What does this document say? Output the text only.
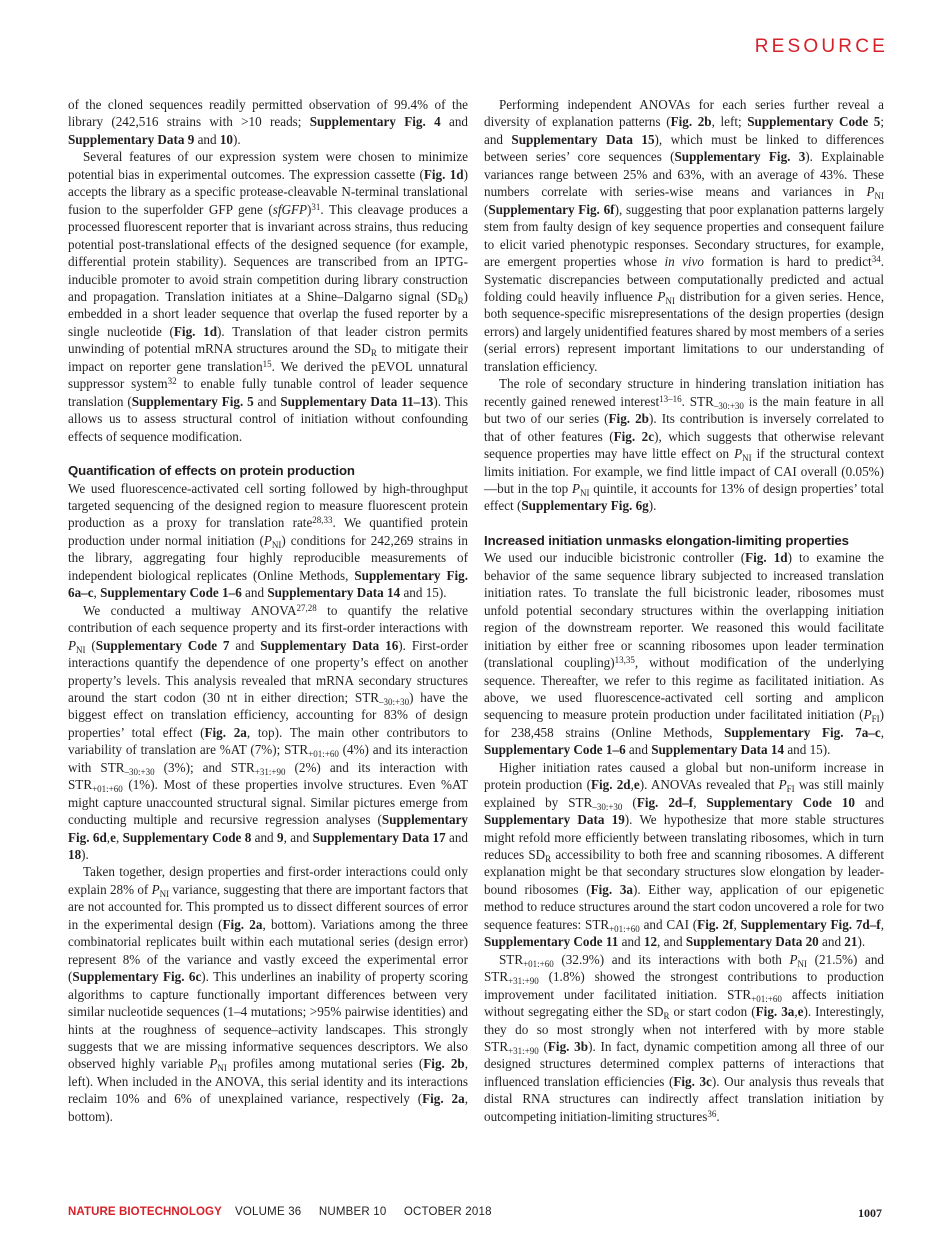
RESOURCE

of the cloned sequences readily permitted observation of 99.4% of the library (242,516 strains with >10 reads; Supplementary Fig. 4 and Supplementary Data 9 and 10).

Several features of our expression system were chosen to minimize potential bias in experimental outcomes. The expression cassette (Fig. 1d) accepts the library as a specific protease-cleavable N-terminal translational fusion to the superfolder GFP gene (sfGFP)$^{31}$. This cleavage produces a processed fluorescent reporter that is invariant across strains, thus reducing potential post-translational effects of the designed sequence (for example, differential protein stability). Sequences are transcribed from an IPTG-inducible promoter to avoid strain competition during library construction and propagation. Translation initiates at a Shine–Dalgarno signal $(SD_R)$ embedded in a short leader sequence that overlap the fused reporter by a single nucleotide (Fig. 1d). Translation of that leader cistron permits unwinding of potential mRNA structures around the $SD_R$ to mitigate their impact on reporter gene translation$^{15}$. We derived the pEVOL unnatural suppressor system$^{32}$ to enable fully tunable control of leader sequence translation (Supplementary Fig. 5 and Supplementary Data 11–13). This allows us to assess structural control of initiation without confounding effects of sequence modification.

Quantification of effects on protein production

We used fluorescence-activated cell sorting followed by high-throughput targeted sequencing of the designed region to measure fluorescent protein production as a proxy for translation rate$^{28,33}$. We quantified protein production under normal initiation $(P_{NI})$ conditions for 242,269 strains in the library, aggregating four highly reproducible measurements of independent biological replicates (Online Methods, Supplementary Fig. 6a–c, Supplementary Code 1–6 and Supplementary Data 14 and 15).

We conducted a multiway ANOVA$^{27,28}$ to quantify the relative contribution of each sequence property and its first-order interactions with $P_{NI}$ (Supplementary Code 7 and Supplementary Data 16). First-order interactions quantify the dependence of one property’s effect on another property’s levels. This analysis revealed that mRNA secondary structures around the start codon (30 nt in either direction; $STR_{-30:+30}$) have the biggest effect on translation efficiency, accounting for 83% of design properties’ total effect (Fig. 2a, top). The main other contributors to variability of translation are %AT (7%); $STR_{+01:+60}$ (4%) and its interaction with $STR_{-30:+30}$ (3%); and $STR_{+31:+90}$ (2%) and its interaction with $STR_{+01:+60}$ (1%). Most of these properties involve structures. Even %AT might capture unaccounted structural signal. Similar pictures emerge from conducting multiple and recursive regression analyses (Supplementary Fig. 6d,e, Supplementary Code 8 and 9, and Supplementary Data 17 and 18).

Taken together, design properties and first-order interactions could only explain 28% of $P_{NI}$ variance, suggesting that there are important factors that are not accounted for. This prompted us to dissect different sources of error in the experimental design (Fig. 2a, bottom). Variations among the three combinatorial replicates built within each mutational series (design error) represent 8% of the variance and vastly exceed the experimental error (Supplementary Fig. 6c). This underlines an inability of property scoring algorithms to capture functionally important differences between very similar nucleotide sequences (1–4 mutations; >95% pairwise identities) and hints at the roughness of sequence–activity landscapes. This strongly suggests that we are missing informative sequences descriptors. We also observed highly variable $P_{NI}$ profiles among mutational series (Fig. 2b, left). When included in the ANOVA, this serial identity and its interactions reclaim 10% and 6% of unexplained variance, respectively (Fig. 2a, bottom).

Performing independent ANOVAs for each series further reveal a diversity of explanation patterns (Fig. 2b, left; Supplementary Code 5; and Supplementary Data 15), which must be linked to differences between series’ core sequences (Supplementary Fig. 3). Explainable variances range between 25% and 63%, with an average of 43%. These numbers correlate with series-wise means and variances in $P_{NI}$ (Supplementary Fig. 6f), suggesting that poor explanation patterns largely stem from faulty design of key sequence properties and consequent failure to elicit varied phenotypic responses. Secondary structures, for example, are emergent properties whose in vivo formation is hard to predict$^{34}$. Systematic discrepancies between computationally predicted and actual folding could heavily influence $P_{NI}$ distribution for a given series. Hence, both sequence-specific misrepresentations of the design properties (design errors) and largely unidentified features shared by most members of a series (serial errors) represent important limitations to our understanding of translation efficiency.

The role of secondary structure in hindering translation initiation has recently gained renewed interest$^{13-16}$. $STR_{-30:+30}$ is the main feature in all but two of our series (Fig. 2b). Its contribution is inversely correlated to that of other features (Fig. 2c), which suggests that otherwise relevant sequence properties may have little effect on $P_{NI}$ if the structural context limits initiation. For example, we find little impact of CAI overall (0.05%)—but in the top $P_{NI}$ quintile, it accounts for 13% of design properties’ total effect (Supplementary Fig. 6g).

Increased initiation unmasks elongation-limiting properties

We used our inducible bicistronic controller (Fig. 1d) to examine the behavior of the same sequence library subjected to increased translation initiation rates. To translate the full bicistronic leader, ribosomes must unfold potential secondary structures within the overlapping initiation region of the downstream reporter. We reasoned this would facilitate initiation by either free or scanning ribosomes upon leader termination (translational coupling)$^{13,35}$, without modification of the underlying sequence. Thereafter, we refer to this regime as facilitated initiation. As above, we used fluorescence-activated cell sorting and amplicon sequencing to measure protein production under facilitated initiation $(P_{FI})$ for 238,458 strains (Online Methods, Supplementary Fig. 7a–c, Supplementary Code 1–6 and Supplementary Data 14 and 15).

Higher initiation rates caused a global but non-uniform increase in protein production (Fig. 2d,e). ANOVAs revealed that $P_{FI}$ was still mainly explained by $STR_{-30:+30}$ (Fig. 2d–f, Supplementary Code 10 and Supplementary Data 19). We hypothesize that more stable structures might refold more efficiently between translating ribosomes, which in turn reduces $SD_R$ accessibility to both free and scanning ribosomes. A different explanation might be that secondary structures slow elongation by leader-bound ribosomes (Fig. 3a). Either way, application of our epigenetic method to reduce structures around the start codon uncovered a role for two sequence features: $STR_{+01:+60}$ and CAI (Fig. 2f, Supplementary Fig. 7d–f, Supplementary Code 11 and 12, and Supplementary Data 20 and 21).

$STR_{+01:+60}$ (32.9%) and its interactions with both $P_{NI}$ (21.5%) and $STR_{+31:+90}$ (1.8%) showed the strongest contributions to production improvement under facilitated initiation. $STR_{+01:+60}$ affects initiation without segregating either the $SD_R$ or start codon (Fig. 3a,e). Interestingly, they do so most strongly when not interfered with by more stable $STR_{+31:+90}$ (Fig. 3b). In fact, dynamic competition among all three of our designed structures determined complex patterns of interactions that influenced translation efficiencies (Fig. 3c). Our analysis thus reveals that distal RNA structures can indirectly affect translation initiation by outcompeting initiation-limiting structures$^{36}$.

NATURE BIOTECHNOLOGY VOLUME 36 NUMBER 10 OCTOBER 2018	1007
